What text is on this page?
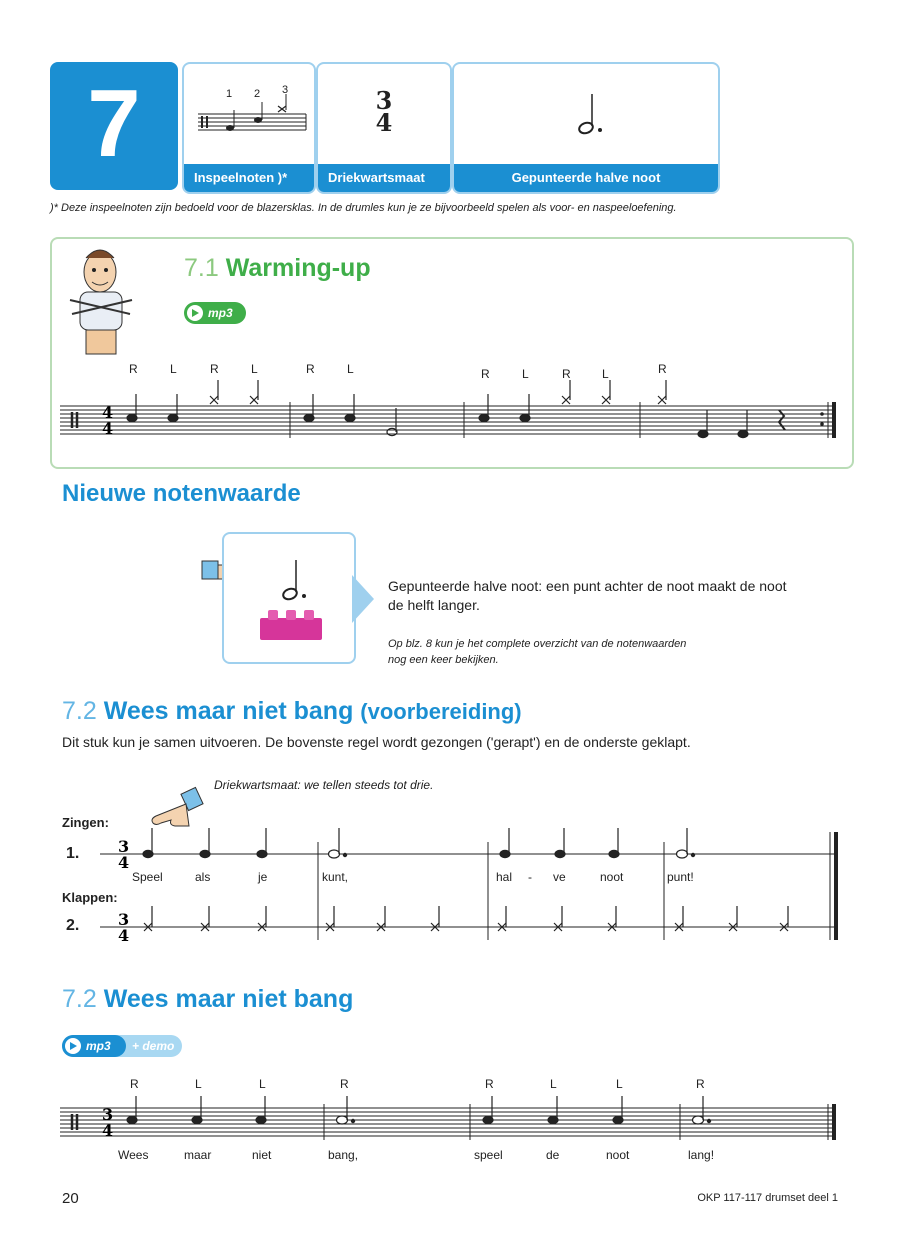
7	1 2 3
Inspeelnoten )*
3
4
Driekwartsmaat	Gepunteerde halve noot
)* Deze inspeelnoten zijn bedoeld voor de blazersklas. In de drumles kun je ze bijvoorbeeld spelen als voor- en naspeeloefening.
7.1 Warming-up
mp3
R	L	R	L	R	L	R	L	R	L	R
4
4
Nieuwe notenwaarde
Gepunteerde halve noot: een punt achter de noot maakt de noot de helft langer.
Op blz. 8 kun je het complete overzicht van de notenwaarden nog een keer bekijken.
7.2 Wees maar niet bang (voorbereiding)
Dit stuk kun je samen uitvoeren. De bovenste regel wordt gezongen ('gerapt') en de onderste geklapt.
Driekwartsmaat: we tellen steeds tot drie.
Zingen:
1.
Klappen:
2.
3
4
3
4
Speel	als	je	kunt,	hal - ve	noot	punt!
7.2 Wees maar niet bang
mp3 + demo
R	L	L	R	R	L	L	R
3
4
Wees	maar	niet	bang,	speel	de	noot	lang!
20	OKP 117-117 drumset deel 1
